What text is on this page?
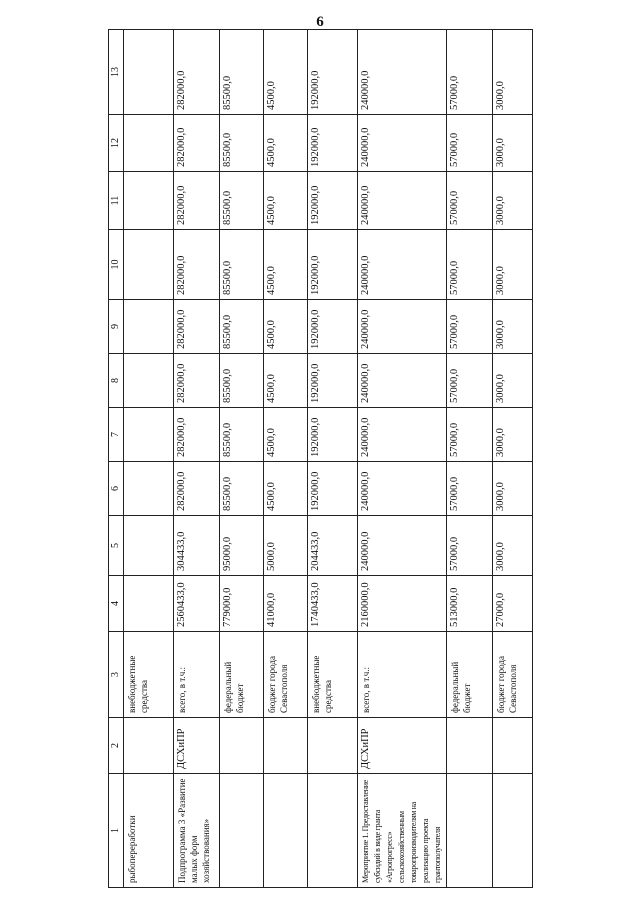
6
1	2	3	4	5	6	7	8	9	10	11	12	13
рыбопереработки		внебюджетные средства										
Подпрограмма 3 «Развитие малых форм хозяйствования»	ДСХиПР	всего, в т.ч.:	2560433,0	304433,0	282000,0	282000,0	282000,0	282000,0	282000,0	282000,0	282000,0	282000,0
		федеральный бюджет	779000,0	95000,0	85500,0	85500,0	85500,0	85500,0	85500,0	85500,0	85500,0	85500,0
		бюджет города Севастополя	41000,0	5000,0	4500,0	4500,0	4500,0	4500,0	4500,0	4500,0	4500,0	4500,0
		внебюджетные средства	1740433,0	204433,0	192000,0	192000,0	192000,0	192000,0	192000,0	192000,0	192000,0	192000,0
Мероприятие 1. Предоставление субсидий в виде гранта «Агропрогресс» сельскохозяйственным товаропроизводителям на реализацию проекта грантополучателя	ДСХиПР	всего, в т.ч.:	2160000,0	240000,0	240000,0	240000,0	240000,0	240000,0	240000,0	240000,0	240000,0	240000,0
		федеральный бюджет	513000,0	57000,0	57000,0	57000,0	57000,0	57000,0	57000,0	57000,0	57000,0	57000,0
		бюджет города Севастополя	27000,0	3000,0	3000,0	3000,0	3000,0	3000,0	3000,0	3000,0	3000,0	3000,0
